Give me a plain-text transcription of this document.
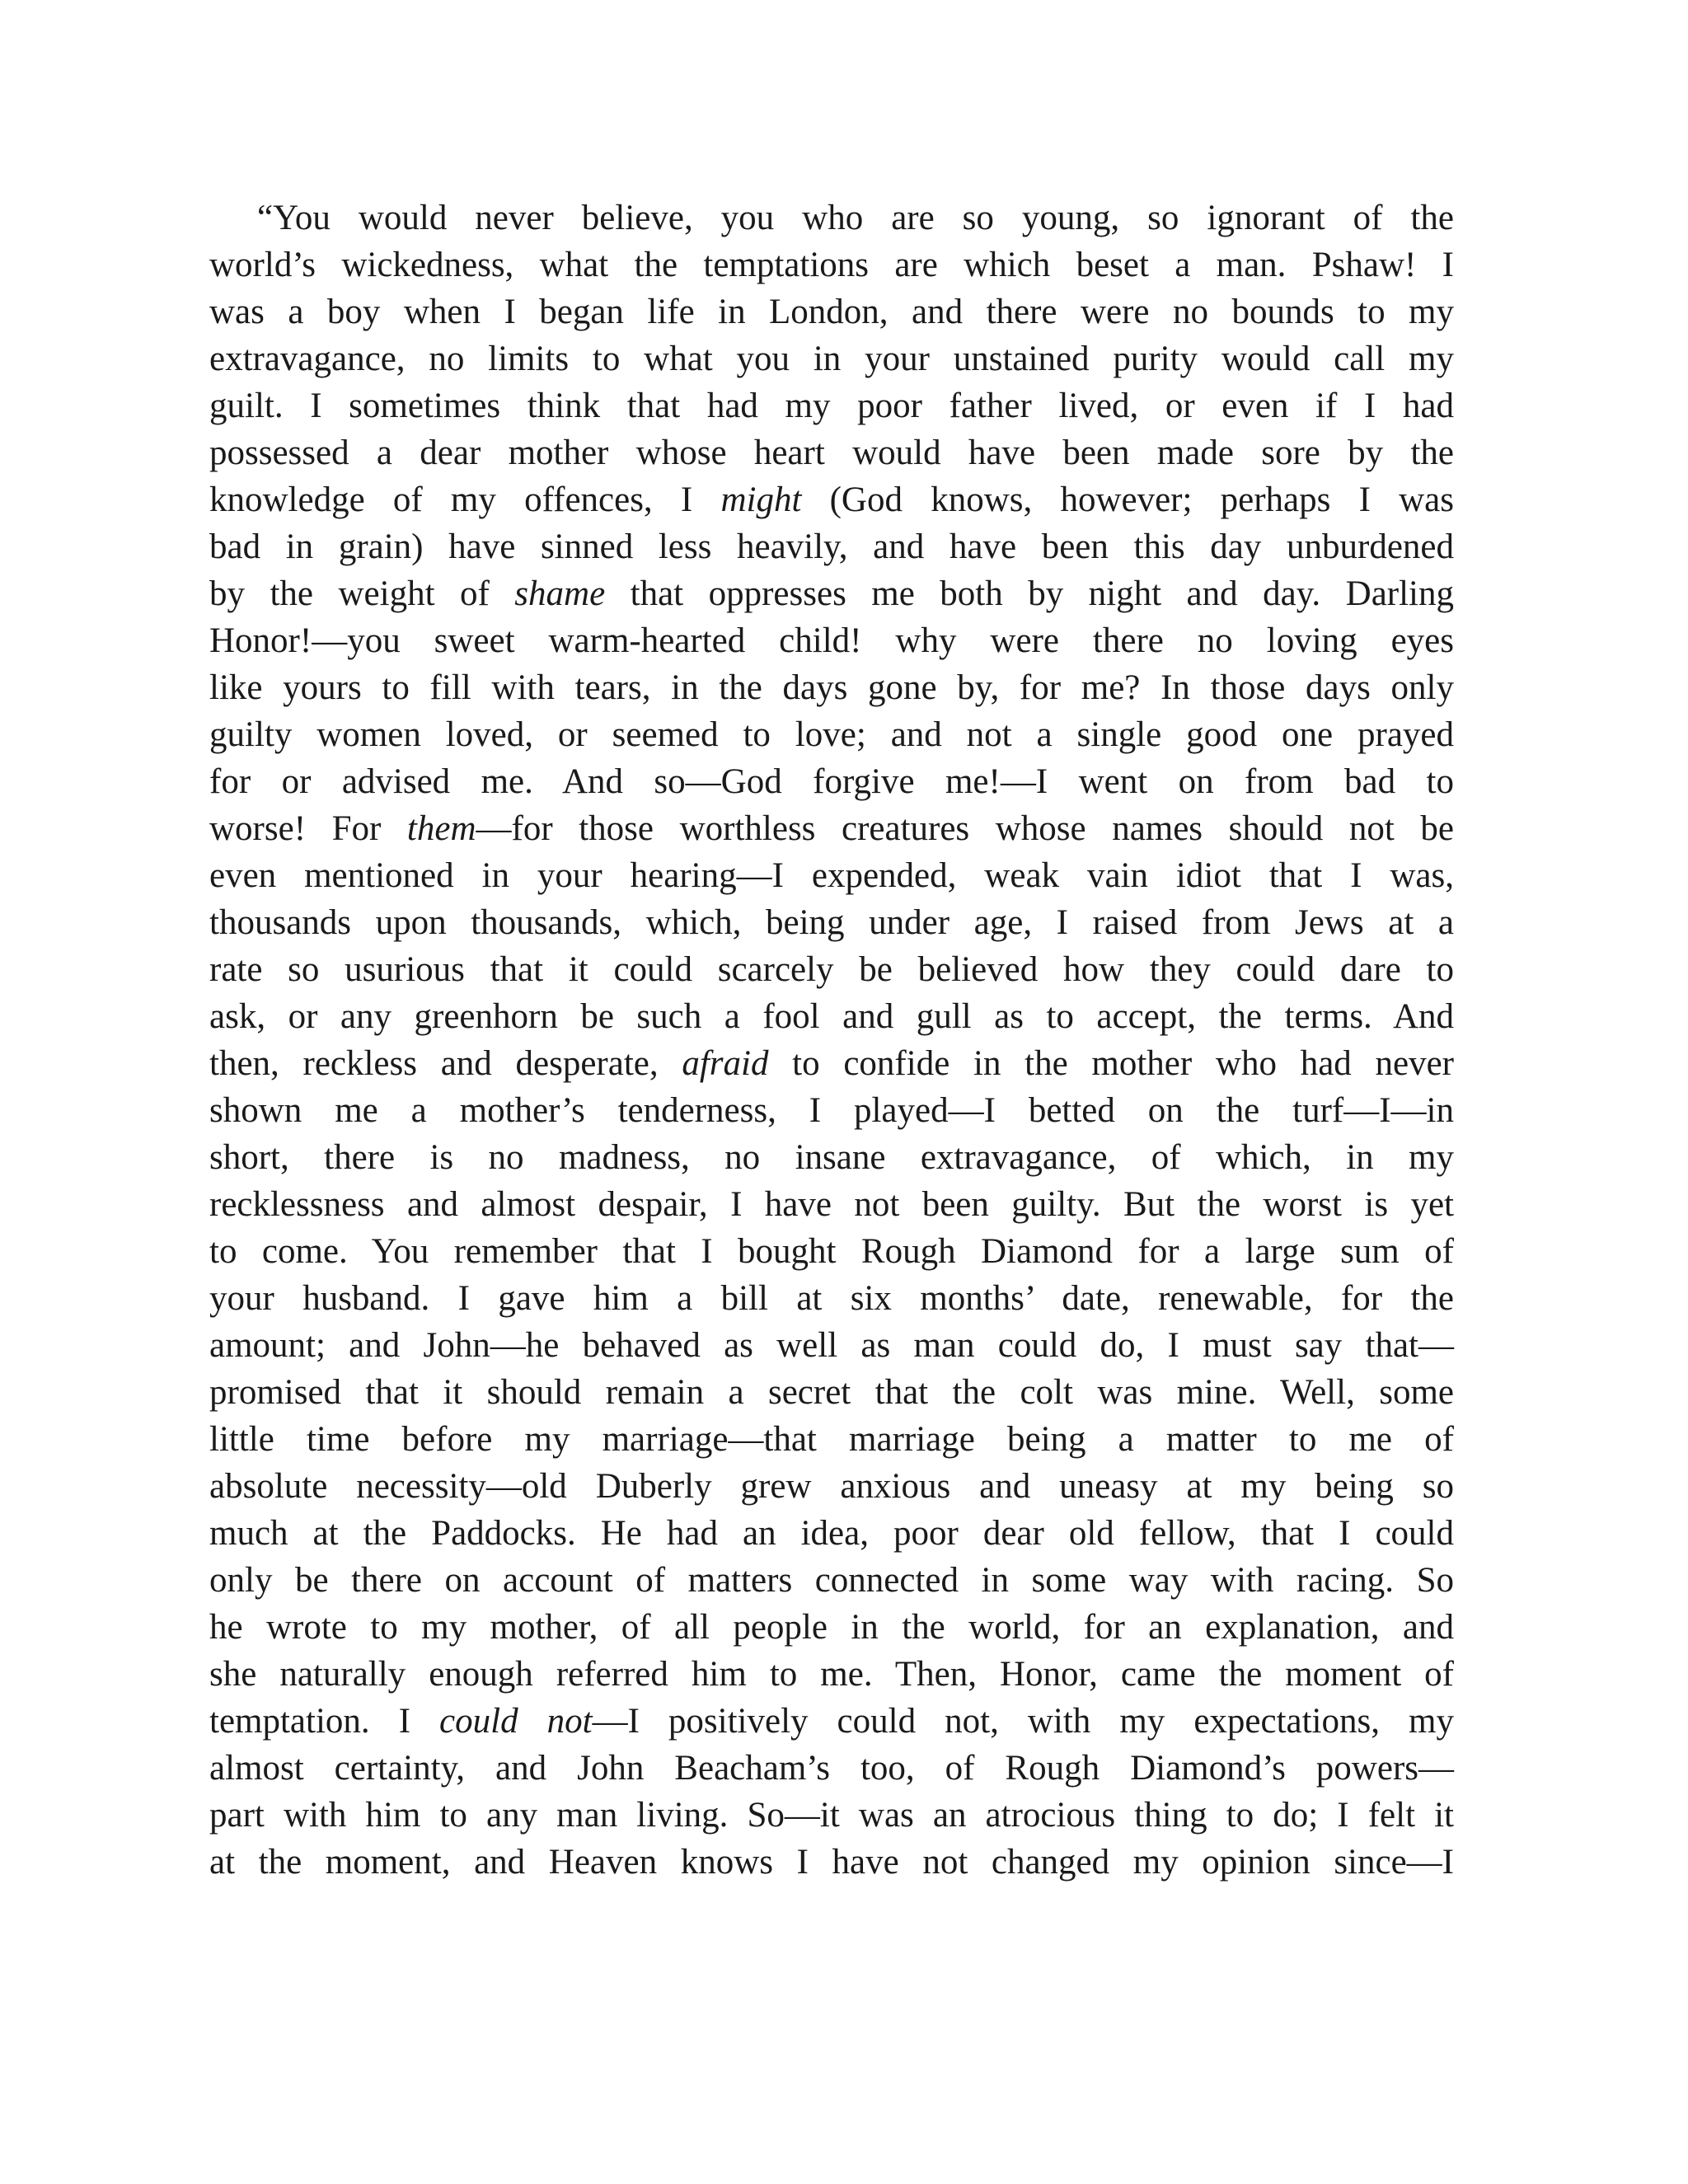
“You would never believe, you who are so young, so ignorant of the
world’s wickedness, what the temptations are which beset a man. Pshaw! I
was a boy when I began life in London, and there were no bounds to my
extravagance, no limits to what you in your unstained purity would call my
guilt. I sometimes think that had my poor father lived, or even if I had
possessed a dear mother whose heart would have been made sore by the
knowledge of my offences, I might (God knows, however; perhaps I was
bad in grain) have sinned less heavily, and have been this day unburdened
by the weight of shame that oppresses me both by night and day. Darling
Honor!—you sweet warm-hearted child! why were there no loving eyes
like yours to fill with tears, in the days gone by, for me? In those days only
guilty women loved, or seemed to love; and not a single good one prayed
for or advised me. And so—God forgive me!—I went on from bad to
worse! For them—for those worthless creatures whose names should not be
even mentioned in your hearing—I expended, weak vain idiot that I was,
thousands upon thousands, which, being under age, I raised from Jews at a
rate so usurious that it could scarcely be believed how they could dare to
ask, or any greenhorn be such a fool and gull as to accept, the terms. And
then, reckless and desperate, afraid to confide in the mother who had never
shown me a mother’s tenderness, I played—I betted on the turf—I—in
short, there is no madness, no insane extravagance, of which, in my
recklessness and almost despair, I have not been guilty. But the worst is yet
to come. You remember that I bought Rough Diamond for a large sum of
your husband. I gave him a bill at six months’ date, renewable, for the
amount; and John—he behaved as well as man could do, I must say that—
promised that it should remain a secret that the colt was mine. Well, some
little time before my marriage—that marriage being a matter to me of
absolute necessity—old Duberly grew anxious and uneasy at my being so
much at the Paddocks. He had an idea, poor dear old fellow, that I could
only be there on account of matters connected in some way with racing. So
he wrote to my mother, of all people in the world, for an explanation, and
she naturally enough referred him to me. Then, Honor, came the moment of
temptation. I could not—I positively could not, with my expectations, my
almost certainty, and John Beacham’s too, of Rough Diamond’s powers—
part with him to any man living. So—it was an atrocious thing to do; I felt it
at the moment, and Heaven knows I have not changed my opinion since—I
